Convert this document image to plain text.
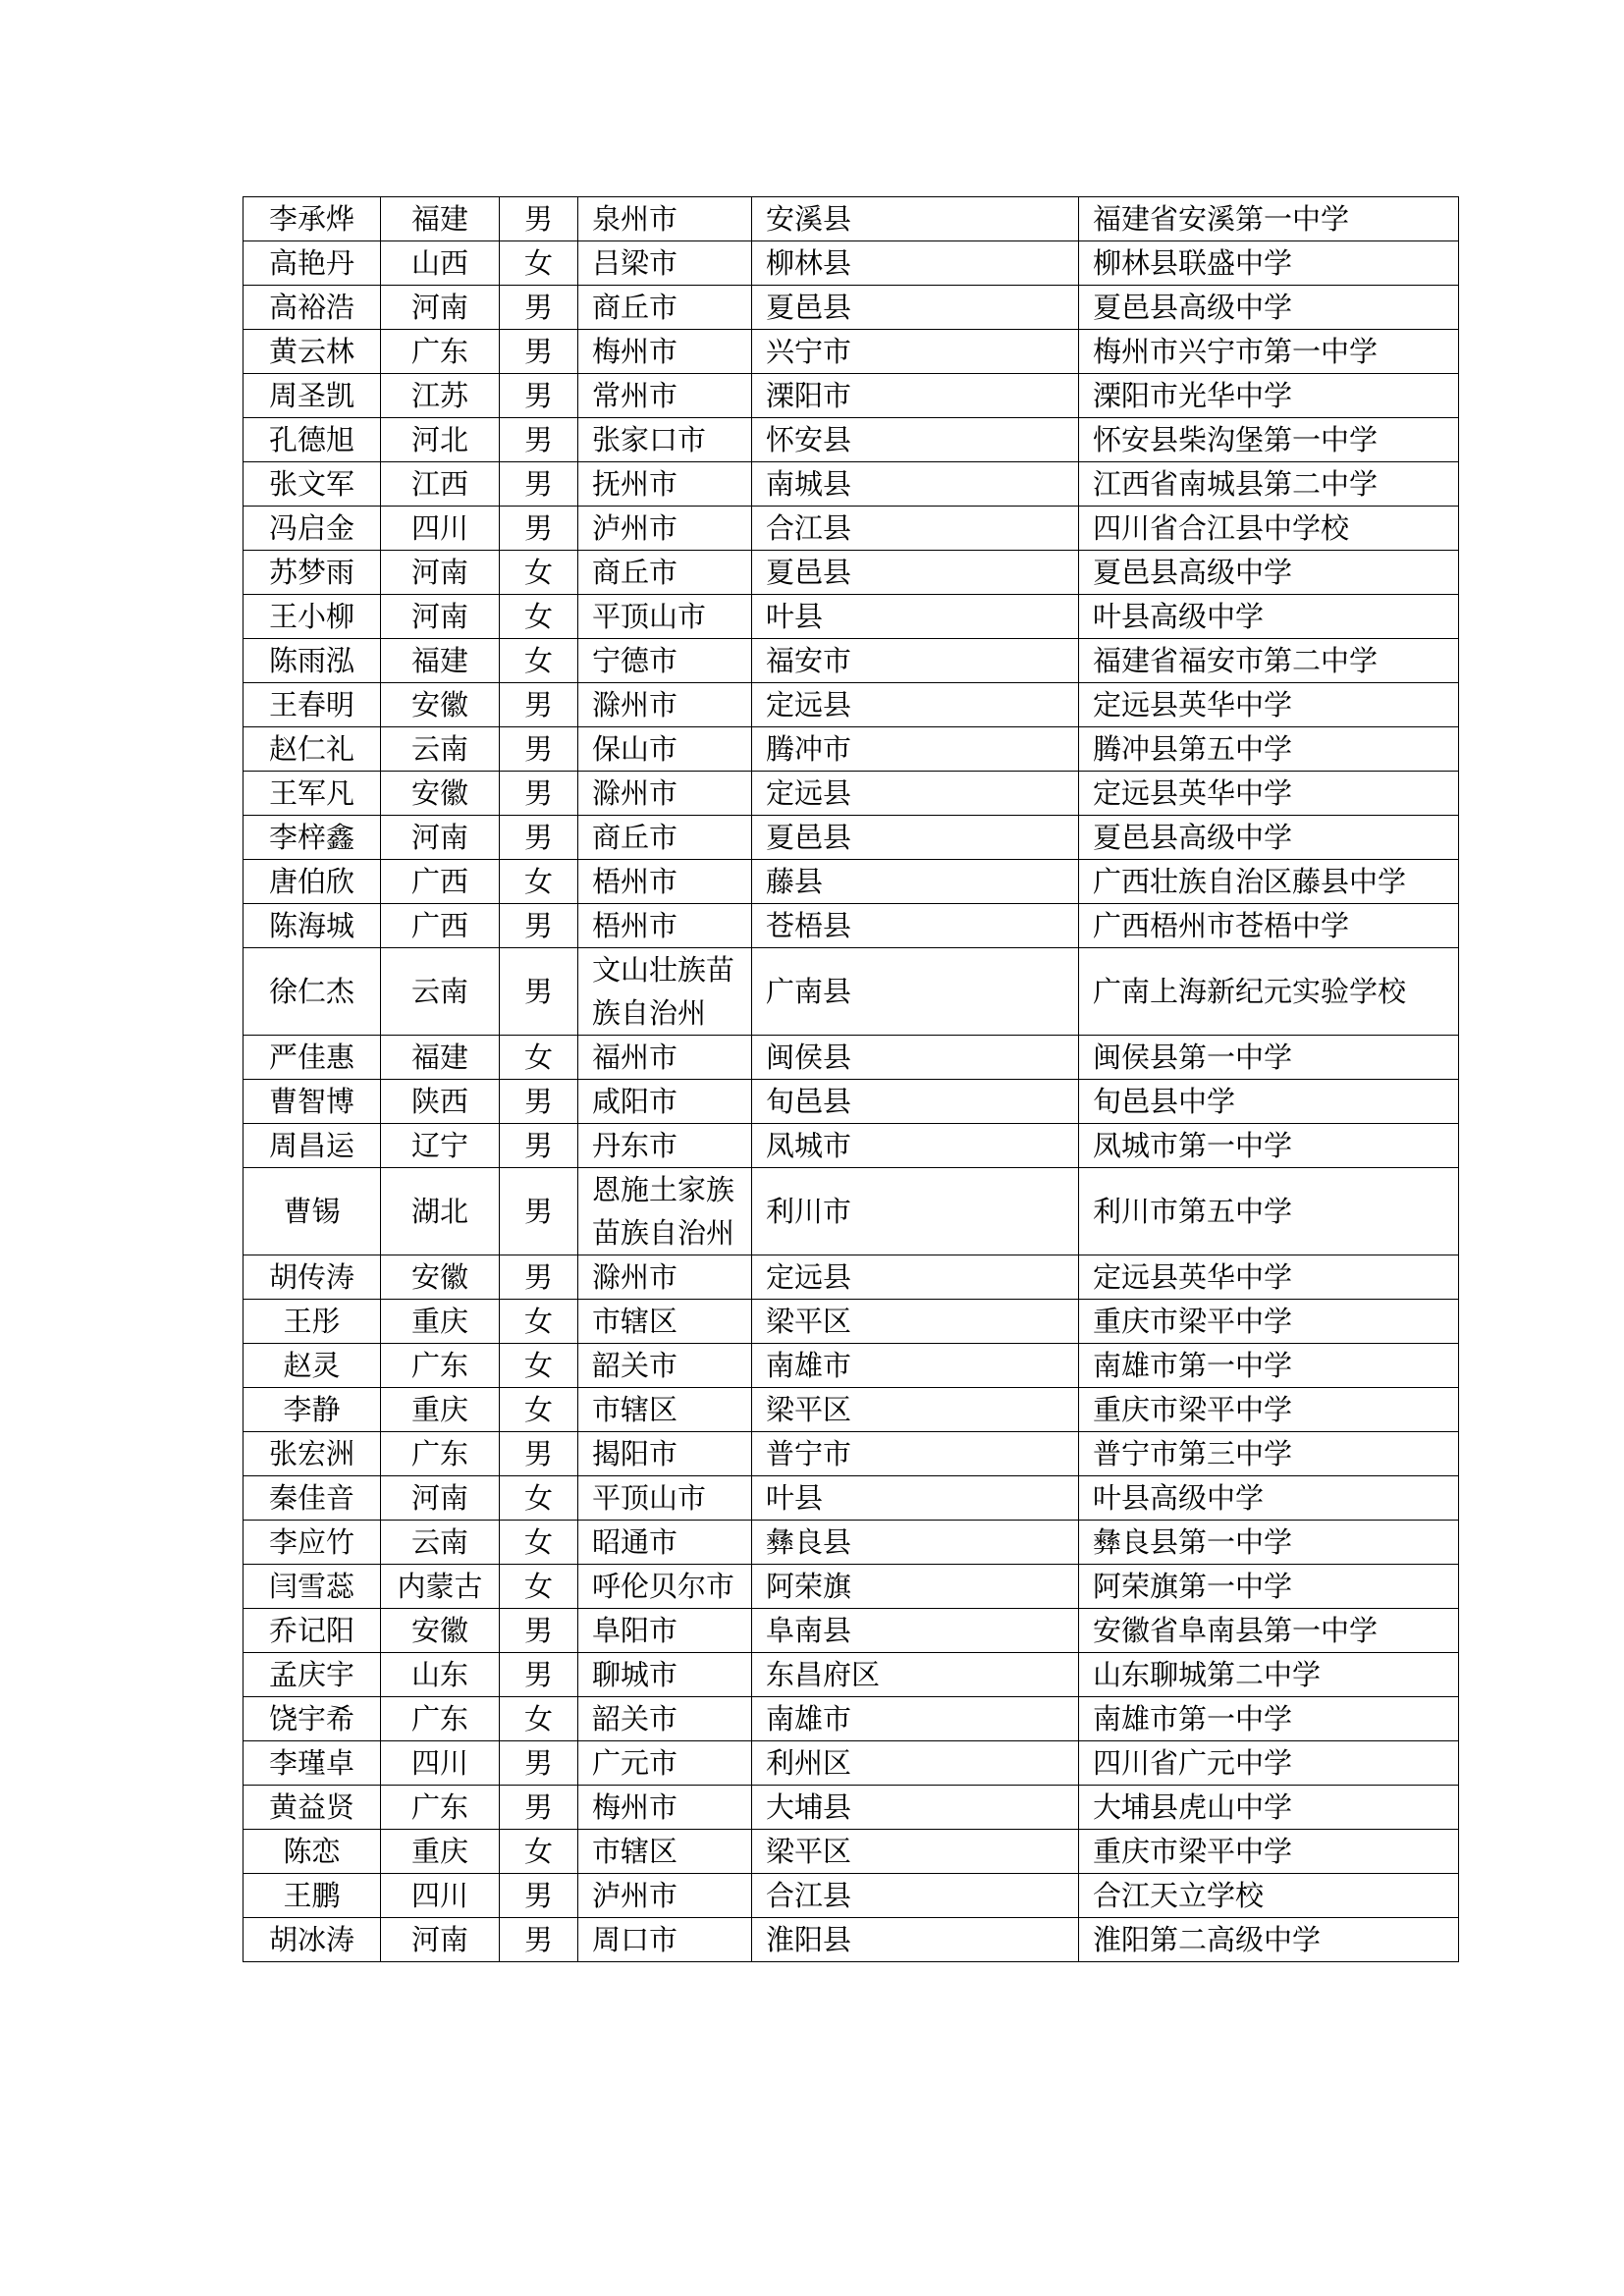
李承烨	福建	男	泉州市	安溪县	福建省安溪第一中学
高艳丹	山西	女	吕梁市	柳林县	柳林县联盛中学
高裕浩	河南	男	商丘市	夏邑县	夏邑县高级中学
黄云林	广东	男	梅州市	兴宁市	梅州市兴宁市第一中学
周圣凯	江苏	男	常州市	溧阳市	溧阳市光华中学
孔德旭	河北	男	张家口市	怀安县	怀安县柴沟堡第一中学
张文军	江西	男	抚州市	南城县	江西省南城县第二中学
冯启金	四川	男	泸州市	合江县	四川省合江县中学校
苏梦雨	河南	女	商丘市	夏邑县	夏邑县高级中学
王小柳	河南	女	平顶山市	叶县	叶县高级中学
陈雨泓	福建	女	宁德市	福安市	福建省福安市第二中学
王春明	安徽	男	滁州市	定远县	定远县英华中学
赵仁礼	云南	男	保山市	腾冲市	腾冲县第五中学
王军凡	安徽	男	滁州市	定远县	定远县英华中学
李梓鑫	河南	男	商丘市	夏邑县	夏邑县高级中学
唐伯欣	广西	女	梧州市	藤县	广西壮族自治区藤县中学
陈海城	广西	男	梧州市	苍梧县	广西梧州市苍梧中学
徐仁杰	云南	男	文山壮族苗族自治州	广南县	广南上海新纪元实验学校
严佳惠	福建	女	福州市	闽侯县	闽侯县第一中学
曹智博	陕西	男	咸阳市	旬邑县	旬邑县中学
周昌运	辽宁	男	丹东市	凤城市	凤城市第一中学
曹锡	湖北	男	恩施土家族苗族自治州	利川市	利川市第五中学
胡传涛	安徽	男	滁州市	定远县	定远县英华中学
王彤	重庆	女	市辖区	梁平区	重庆市梁平中学
赵灵	广东	女	韶关市	南雄市	南雄市第一中学
李静	重庆	女	市辖区	梁平区	重庆市梁平中学
张宏洲	广东	男	揭阳市	普宁市	普宁市第三中学
秦佳音	河南	女	平顶山市	叶县	叶县高级中学
李应竹	云南	女	昭通市	彝良县	彝良县第一中学
闫雪蕊	内蒙古	女	呼伦贝尔市	阿荣旗	阿荣旗第一中学
乔记阳	安徽	男	阜阳市	阜南县	安徽省阜南县第一中学
孟庆宇	山东	男	聊城市	东昌府区	山东聊城第二中学
饶宇希	广东	女	韶关市	南雄市	南雄市第一中学
李瑾卓	四川	男	广元市	利州区	四川省广元中学
黄益贤	广东	男	梅州市	大埔县	大埔县虎山中学
陈恋	重庆	女	市辖区	梁平区	重庆市梁平中学
王鹏	四川	男	泸州市	合江县	合江天立学校
胡冰涛	河南	男	周口市	淮阳县	淮阳第二高级中学
